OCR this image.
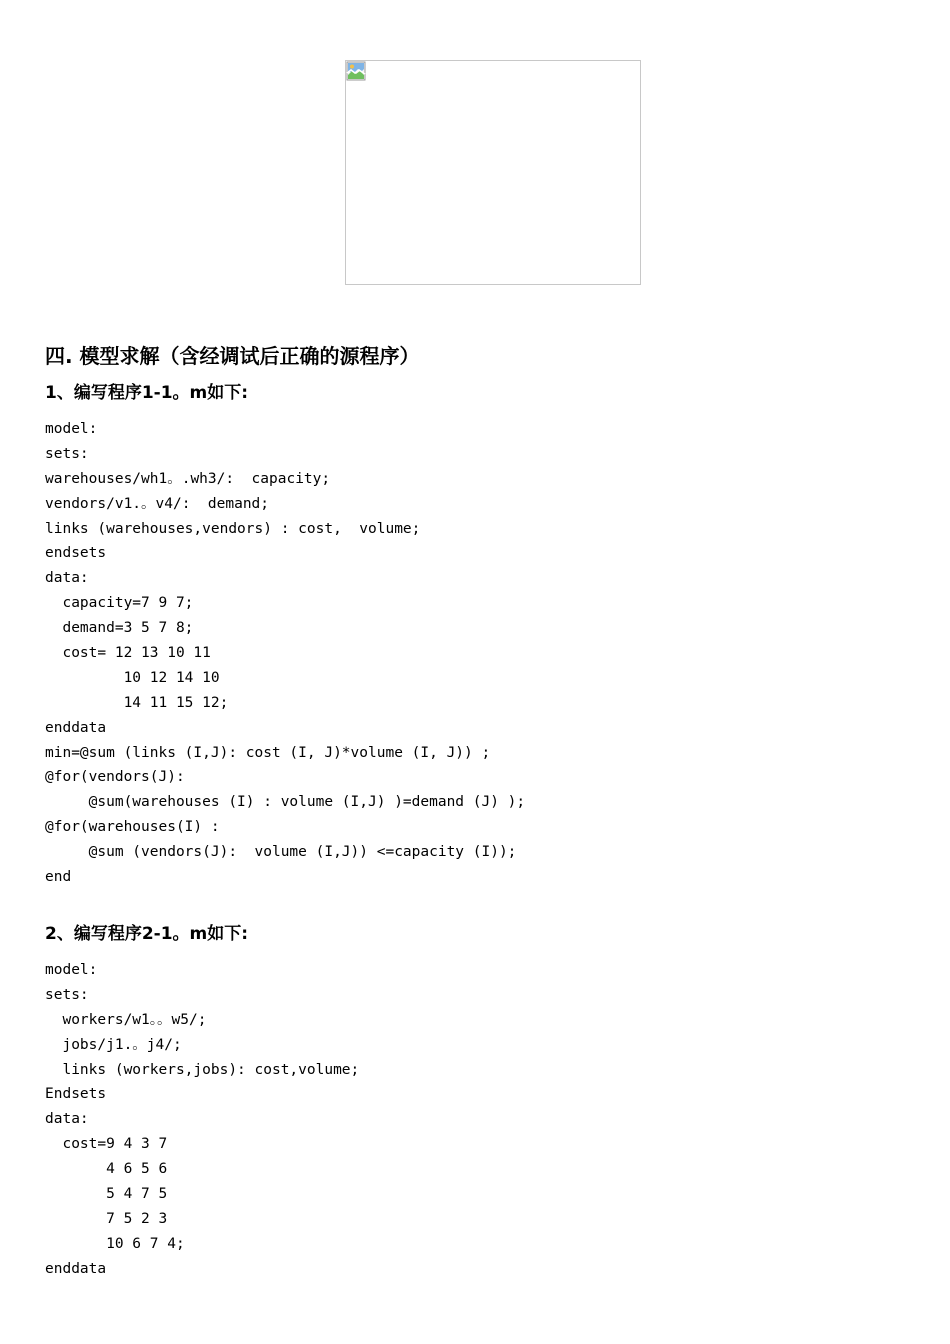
四. 模型求解（含经调试后正确的源程序）
1、编写程序1-1。m如下:
model:
sets:
warehouses/wh1。.wh3/:  capacity;
vendors/v1.。v4/:  demand;
links (warehouses,vendors) : cost,  volume;
endsets
data:
capacity=7 9 7;
demand=3 5 7 8;
cost= 12 13 10 11
10 12 14 10
14 11 15 12;
enddata
min=@sum (links (I,J): cost (I, J)*volume (I, J)) ;
@for(vendors(J):
@sum(warehouses (I) : volume (I,J) )=demand (J) );
@for(warehouses(I) :
@sum (vendors(J):  volume (I,J)) <=capacity (I));
end
2、编写程序2-1。m如下:
model:
sets:
workers/w1。。w5/;
jobs/j1.。j4/;
links (workers,jobs): cost,volume;
Endsets
data:
cost=9 4 3 7
4 6 5 6
5 4 7 5
7 5 2 3
10 6 7 4;
enddata
